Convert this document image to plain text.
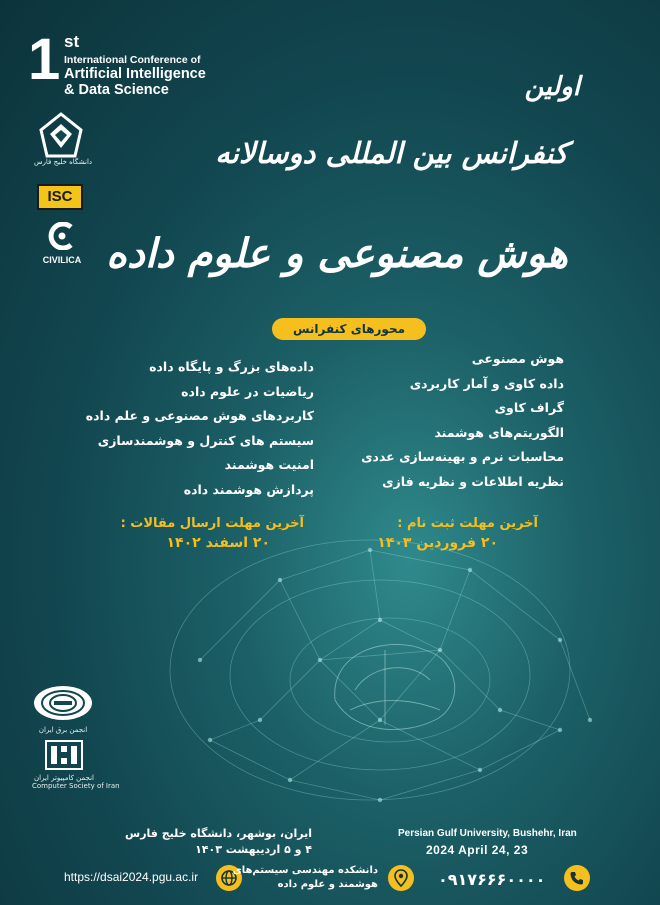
1 st
International Conference of
Artificial Intelligence
& Data Science
دانشگاه خلیج فارس
ISC
CIVILICA
انجمن برق ایران
انجمن کامپیوتر ایران
Computer Society of Iran
اولین
کنفرانس بین المللی دوسالانه
هوش مصنوعی و علوم داده
محورهای کنفرانس
هوش مصنوعی
داده کاوی و آمار کاربردی
گراف کاوی
الگوریتم‌های هوشمند
محاسبات نرم و بهینه‌سازی عددی
نظریه اطلاعات و نظریه فازی
داده‌های بزرگ و پایگاه داده
ریاضیات در علوم داده
کاربردهای هوش مصنوعی و علم داده
سیستم های کنترل و هوشمندسازی
امنیت هوشمند
پردازش هوشمند داده
آخرین مهلت ثبت نام :
۲۰ فروردین ۱۴۰۳
آخرین مهلت ارسال مقالات :
۲۰ اسفند ۱۴۰۲
ایران، بوشهر، دانشگاه خلیج فارس
۴ و ۵ اردیبهشت ۱۴۰۳
Persian Gulf University, Bushehr, Iran
2024 April 24, 23
https://dsai2024.pgu.ac.ir	دانشکده مهندسی سیستم‌های
هوشمند و علوم داده	۰۹۱۷۶۶۶۰۰۰۰
